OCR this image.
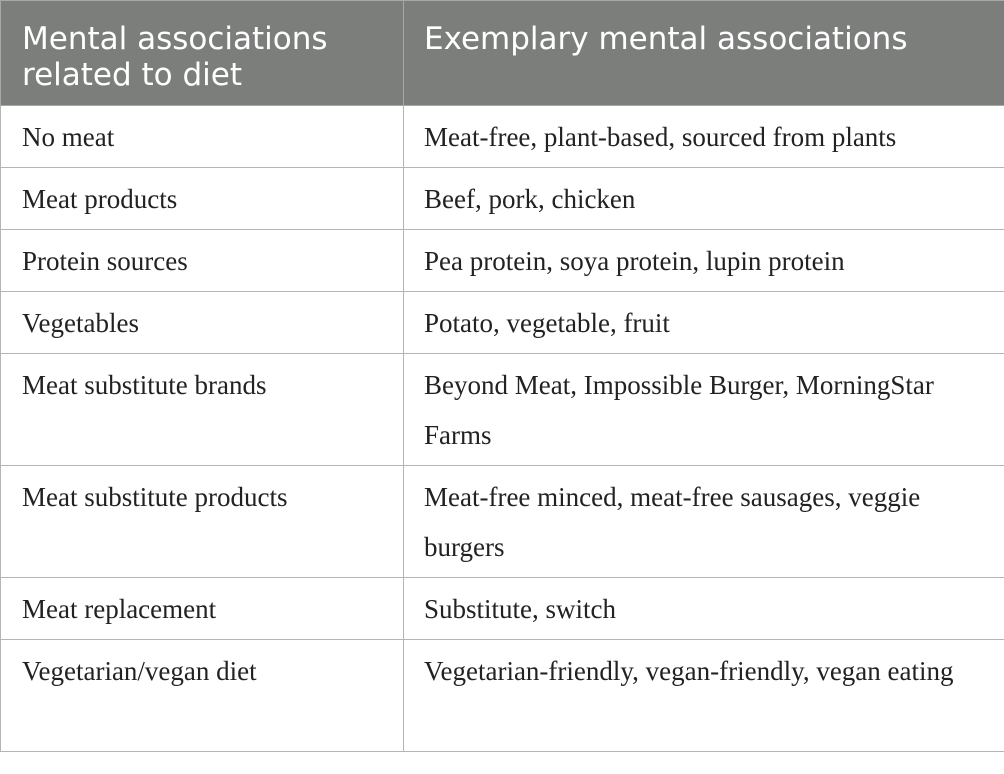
Mental associations related to diet	Exemplary mental associations
No meat	Meat-free, plant-based, sourced from plants
Meat products	Beef, pork, chicken
Protein sources	Pea protein, soya protein, lupin protein
Vegetables	Potato, vegetable, fruit
Meat substitute brands	Beyond Meat, Impossible Burger, MorningStar Farms
Meat substitute products	Meat-free minced, meat-free sausages, veggie burgers
Meat replacement	Substitute, switch
Vegetarian/vegan diet	Vegetarian-friendly, vegan-friendly, vegan eating
